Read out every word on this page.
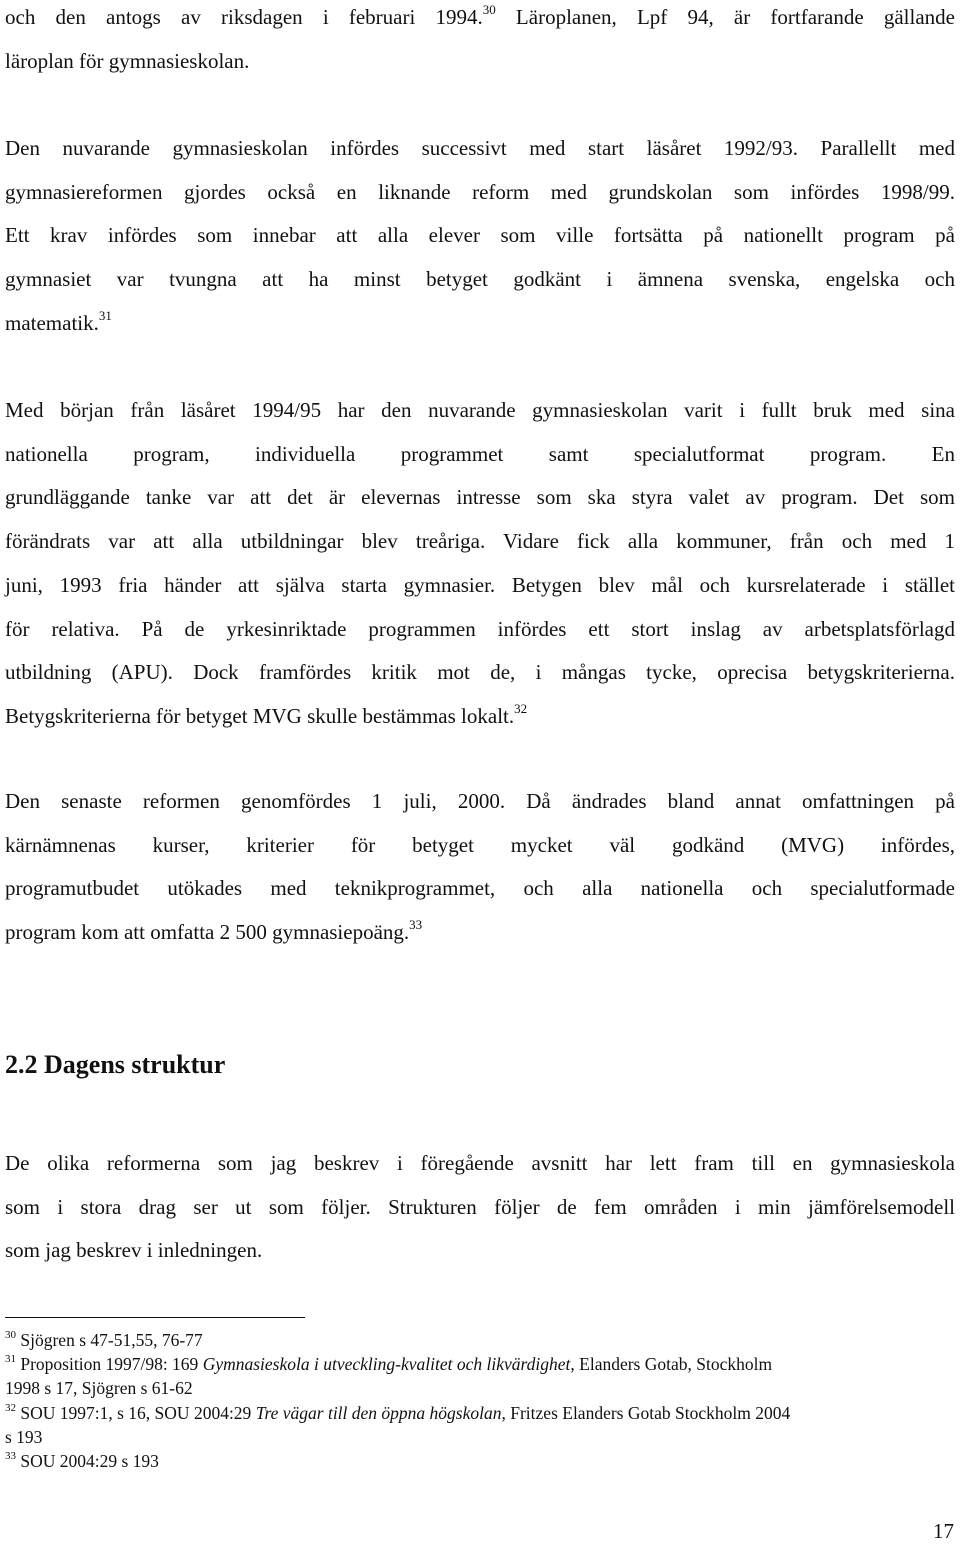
och den antogs av riksdagen i februari 1994.30 Läroplanen, Lpf 94, är fortfarande gällande
läroplan för gymnasieskolan.
Den nuvarande gymnasieskolan infördes successivt med start läsåret 1992/93. Parallellt med
gymnasiereformen gjordes också en liknande reform med grundskolan som infördes 1998/99.
Ett krav infördes som innebar att alla elever som ville fortsätta på nationellt program på
gymnasiet var tvungna att ha minst betyget godkänt i ämnena svenska, engelska och
matematik.$^{31}$
Med början från läsåret 1994/95 har den nuvarande gymnasieskolan varit i fullt bruk med sina
nationella program, individuella programmet samt specialutformat program. En
grundläggande tanke var att det är elevernas intresse som ska styra valet av program. Det som
förändrats var att alla utbildningar blev treåriga. Vidare fick alla kommuner, från och med 1
juni, 1993 fria händer att själva starta gymnasier. Betygen blev mål och kursrelaterade i stället
för relativa. På de yrkesinriktade programmen infördes ett stort inslag av arbetsplatsförlagd
utbildning (APU). Dock framfördes kritik mot de, i mångas tycke, oprecisa betygskriterierna.
Betygskriterierna för betyget MVG skulle bestämmas lokalt.$^{32}$
Den senaste reformen genomfördes 1 juli, 2000. Då ändrades bland annat omfattningen på
kärnämnenas kurser, kriterier för betyget mycket väl godkänd (MVG) infördes,
programutbudet utökades med teknikprogrammet, och alla nationella och specialutformade
program kom att omfatta 2 500 gymnasiepoäng.$^{33}$
2.2 Dagens struktur
De olika reformerna som jag beskrev i föregående avsnitt har lett fram till en gymnasieskola
som i stora drag ser ut som följer. Strukturen följer de fem områden i min jämförelsemodell
som jag beskrev i inledningen.
$^{30}$ Sjögren s 47-51,55, 76-77
$^{31}$ Proposition 1997/98: 169 Gymnasieskola i utveckling-kvalitet och likvärdighet, Elanders Gotab, Stockholm
1998 s 17, Sjögren s 61-62
$^{32}$ SOU 1997:1, s 16, SOU 2004:29 Tre vägar till den öppna högskolan, Fritzes Elanders Gotab Stockholm 2004
s 193
$^{33}$ SOU 2004:29 s 193
17
